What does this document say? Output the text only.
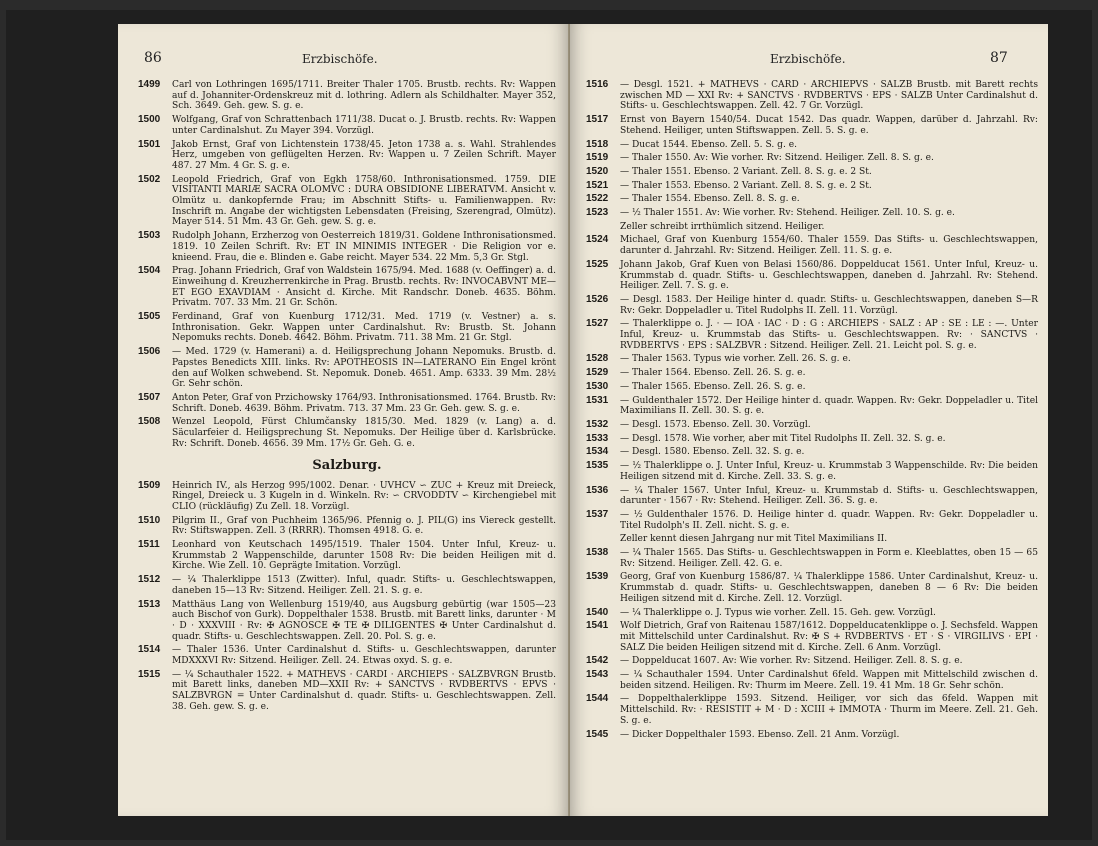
86	Erzbischöfe.
1499	Carl von Lothringen 1695/1711. Breiter Thaler 1705. Brustb. rechts. Rv: Wappen auf d. Johanniter-Ordenskreuz mit d. lothring. Adlern als Schildhalter. Mayer 352, Sch. 3649. Geh. gew. S. g. e.
1500	Wolfgang, Graf von Schrattenbach 1711/38. Ducat o. J. Brustb. rechts. Rv: Wappen unter Cardinalshut. Zu Mayer 394. Vorzügl.
1501	Jakob Ernst, Graf von Lichtenstein 1738/45. Jeton 1738 a. s. Wahl. Strahlendes Herz, umgeben von geflügelten Herzen. Rv: Wappen u. 7 Zeilen Schrift. Mayer 487. 27 Mm. 4 Gr. S. g. e.
1502	Leopold Friedrich, Graf von Egkh 1758/60. Inthronisationsmed. 1759. DIE VISITANTI MARIÆ SACRA OLOMVC : DURA OBSIDIONE LIBERATVM. Ansicht v. Olmütz u. dankopfernde Frau; im Abschnitt Stifts- u. Familienwappen. Rv: Inschrift m. Angabe der wichtigsten Lebensdaten (Freising, Szerengrad, Olmütz). Mayer 514. 51 Mm. 43 Gr. Geh. gew. S. g. e.
1503	Rudolph Johann, Erzherzog von Oesterreich 1819/31. Goldene Inthronisationsmed. 1819. 10 Zeilen Schrift. Rv: ET IN MINIMIS INTEGER · Die Religion vor e. knieend. Frau, die e. Blinden e. Gabe reicht. Mayer 534. 22 Mm. 5,3 Gr. Stgl.
1504	Prag. Johann Friedrich, Graf von Waldstein 1675/94. Med. 1688 (v. Oeffinger) a. d. Einweihung d. Kreuzherrenkirche in Prag. Brustb. rechts. Rv: INVOCABVNT ME—ET EGO EXAVDIAM · Ansicht d. Kirche. Mit Randschr. Doneb. 4635. Böhm. Privatm. 707. 33 Mm. 21 Gr. Schön.
1505	Ferdinand, Graf von Kuenburg 1712/31. Med. 1719 (v. Vestner) a. s. Inthronisation. Gekr. Wappen unter Cardinalshut. Rv: Brustb. St. Johann Nepomuks rechts. Doneb. 4642. Böhm. Privatm. 711. 38 Mm. 21 Gr. Stgl.
1506	— Med. 1729 (v. Hamerani) a. d. Heiligsprechung Johann Nepomuks. Brustb. d. Papstes Benedicts XIII. links. Rv: APOTHEOSIS IN—LATERANO Ein Engel krönt den auf Wolken schwebend. St. Nepomuk. Doneb. 4651. Amp. 6333. 39 Mm. 28½ Gr. Sehr schön.
1507	Anton Peter, Graf von Przichowsky 1764/93. Inthronisationsmed. 1764. Brustb. Rv: Schrift. Doneb. 4639. Böhm. Privatm. 713. 37 Mm. 23 Gr. Geh. gew. S. g. e.
1508	Wenzel Leopold, Fürst Chlumčansky 1815/30. Med. 1829 (v. Lang) a. d. Säcularfeier d. Heiligsprechung St. Nepomuks. Der Heilige über d. Karlsbrücke. Rv: Schrift. Doneb. 4656. 39 Mm. 17½ Gr. Geh. G. e.
Salzburg.
1509	Heinrich IV., als Herzog 995/1002. Denar. · UVHCV ∽ ZUC + Kreuz mit Dreieck, Ringel, Dreieck u. 3 Kugeln in d. Winkeln. Rv: ∽ CRVODDTV ∽ Kirchengiebel mit CLIO (rückläufig) Zu Zell. 18. Vorzügl.
1510	Pilgrim II., Graf von Puchheim 1365/96. Pfennig o. J. PIL(G) ins Viereck gestellt. Rv: Stiftswappen. Zell. 3 (RRRR). Thomsen 4918. G. e.
1511	Leonhard von Keutschach 1495/1519. Thaler 1504. Unter Inful, Kreuz- u. Krummstab 2 Wappenschilde, darunter 1508 Rv: Die beiden Heiligen mit d. Kirche. Wie Zell. 10. Geprägte Imitation. Vorzügl.
1512	— ¼ Thalerklippe 1513 (Zwitter). Inful, quadr. Stifts- u. Geschlechtswappen, daneben 15—13 Rv: Sitzend. Heiliger. Zell. 21. S. g. e.
1513	Matthäus Lang von Wellenburg 1519/40, aus Augsburg gebürtig (war 1505—23 auch Bischof von Gurk). Doppelthaler 1538. Brustb. mit Barett links, darunter · M · D · XXXVIII · Rv: ✠ AGNOSCE ✠ TE ✠ DILIGENTES ✠ Unter Cardinalshut d. quadr. Stifts- u. Geschlechtswappen. Zell. 20. Pol. S. g. e.
1514	— Thaler 1536. Unter Cardinalshut d. Stifts- u. Geschlechtswappen, darunter MDXXXVI Rv: Sitzend. Heiliger. Zell. 24. Etwas oxyd. S. g. e.
1515	— ¼ Schauthaler 1522. + MATHEVS · CARDI · ARCHIEPS · SALZBVRGN Brustb. mit Barett links, daneben MD—XXII Rv: + SANCTVS · RVDBERTVS · EPVS · SALZBVRGN = Unter Cardinalshut d. quadr. Stifts- u. Geschlechtswappen. Zell. 38. Geh. gew. S. g. e.
Erzbischöfe.	87
1516	— Desgl. 1521. + MATHEVS · CARD · ARCHIEPVS · SALZB Brustb. mit Barett rechts zwischen MD — XXI Rv: + SANCTVS · RVDBERTVS · EPS · SALZB Unter Cardinalshut d. Stifts- u. Geschlechtswappen. Zell. 42. 7 Gr. Vorzügl.
1517	Ernst von Bayern 1540/54. Ducat 1542. Das quadr. Wappen, darüber d. Jahrzahl. Rv: Stehend. Heiliger, unten Stiftswappen. Zell. 5. S. g. e.
1518	— Ducat 1544. Ebenso. Zell. 5. S. g. e.
1519	— Thaler 1550. Av: Wie vorher. Rv: Sitzend. Heiliger. Zell. 8. S. g. e.
1520	— Thaler 1551. Ebenso. 2 Variant. Zell. 8. S. g. e. 2 St.
1521	— Thaler 1553. Ebenso. 2 Variant. Zell. 8. S. g. e. 2 St.
1522	— Thaler 1554. Ebenso. Zell. 8. S. g. e.
1523	— ½ Thaler 1551. Av: Wie vorher. Rv: Stehend. Heiliger. Zell. 10. S. g. e.
Zeller schreibt irrthümlich sitzend. Heiliger.
1524	Michael, Graf von Kuenburg 1554/60. Thaler 1559. Das Stifts- u. Geschlechtswappen, darunter d. Jahrzahl. Rv: Sitzend. Heiliger. Zell. 11. S. g. e.
1525	Johann Jakob, Graf Kuen von Belasi 1560/86. Doppelducat 1561. Unter Inful, Kreuz- u. Krummstab d. quadr. Stifts- u. Geschlechtswappen, daneben d. Jahrzahl. Rv: Stehend. Heiliger. Zell. 7. S. g. e.
1526	— Desgl. 1583. Der Heilige hinter d. quadr. Stifts- u. Geschlechtswappen, daneben S—R Rv: Gekr. Doppeladler u. Titel Rudolphs II. Zell. 11. Vorzügl.
1527	— Thalerklippe o. J. · — IOA · IAC · D : G : ARCHIEPS · SALZ : AP : SE : LE : —. Unter Inful, Kreuz- u. Krummstab das Stifts- u. Geschlechtswappen. Rv: · SANCTVS · RVDBERTVS · EPS : SALZBVR : Sitzend. Heiliger. Zell. 21. Leicht pol. S. g. e.
1528	— Thaler 1563. Typus wie vorher. Zell. 26. S. g. e.
1529	— Thaler 1564. Ebenso. Zell. 26. S. g. e.
1530	— Thaler 1565. Ebenso. Zell. 26. S. g. e.
1531	— Guldenthaler 1572. Der Heilige hinter d. quadr. Wappen. Rv: Gekr. Doppeladler u. Titel Maximilians II. Zell. 30. S. g. e.
1532	— Desgl. 1573. Ebenso. Zell. 30. Vorzügl.
1533	— Desgl. 1578. Wie vorher, aber mit Titel Rudolphs II. Zell. 32. S. g. e.
1534	— Desgl. 1580. Ebenso. Zell. 32. S. g. e.
1535	— ½ Thalerklippe o. J. Unter Inful, Kreuz- u. Krummstab 3 Wappenschilde. Rv: Die beiden Heiligen sitzend mit d. Kirche. Zell. 33. S. g. e.
1536	— ¼ Thaler 1567. Unter Inful, Kreuz- u. Krummstab d. Stifts- u. Geschlechtswappen, darunter · 1567 · Rv: Stehend. Heiliger. Zell. 36. S. g. e.
1537	— ½ Guldenthaler 1576. D. Heilige hinter d. quadr. Wappen. Rv: Gekr. Doppeladler u. Titel Rudolph's II. Zell. nicht. S. g. e.
Zeller kennt diesen Jahrgang nur mit Titel Maximilians II.
1538	— ¼ Thaler 1565. Das Stifts- u. Geschlechtswappen in Form e. Kleeblattes, oben 15 — 65 Rv: Sitzend. Heiliger. Zell. 42. G. e.
1539	Georg, Graf von Kuenburg 1586/87. ¼ Thalerklippe 1586. Unter Cardinalshut, Kreuz- u. Krummstab d. quadr. Stifts- u. Geschlechtswappen, daneben 8 — 6 Rv: Die beiden Heiligen sitzend mit d. Kirche. Zell. 12. Vorzügl.
1540	— ¼ Thalerklippe o. J. Typus wie vorher. Zell. 15. Geh. gew. Vorzügl.
1541	Wolf Dietrich, Graf von Raitenau 1587/1612. Doppelducatenklippe o. J. Sechsfeld. Wappen mit Mittelschild unter Cardinalshut. Rv: ✠ S + RVDBERTVS · ET · S · VIRGILIVS · EPI · SALZ Die beiden Heiligen sitzend mit d. Kirche. Zell. 6 Anm. Vorzügl.
1542	— Doppelducat 1607. Av: Wie vorher. Rv: Sitzend. Heiliger. Zell. 8. S. g. e.
1543	— ¼ Schauthaler 1594. Unter Cardinalshut 6feld. Wappen mit Mittelschild zwischen d. beiden sitzend. Heiligen. Rv: Thurm im Meere. Zell. 19. 41 Mm. 18 Gr. Sehr schön.
1544	— Doppelthalerklippe 1593. Sitzend. Heiliger, vor sich das 6feld. Wappen mit Mittelschild. Rv: · RESISTIT + M · D : XCIII + IMMOTA · Thurm im Meere. Zell. 21. Geh. S. g. e.
1545	— Dicker Doppelthaler 1593. Ebenso. Zell. 21 Anm. Vorzügl.
